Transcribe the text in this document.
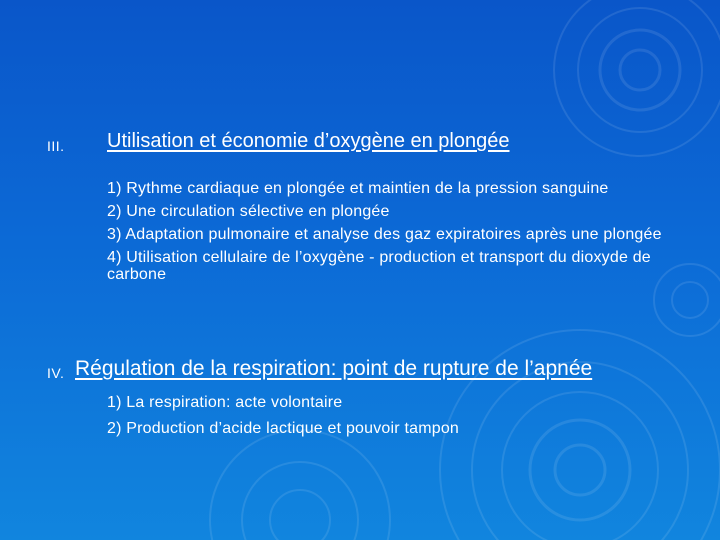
III. Utilisation et économie d’oxygène en plongée
1) Rythme cardiaque en plongée et maintien de la pression sanguine
2) Une circulation sélective en plongée
3) Adaptation pulmonaire et analyse des gaz expiratoires après une plongée
4) Utilisation cellulaire de l’oxygène - production et transport du dioxyde de carbone
IV. Régulation de la respiration: point de rupture de l’apnée
1) La respiration: acte volontaire
2) Production d’acide lactique et pouvoir tampon
